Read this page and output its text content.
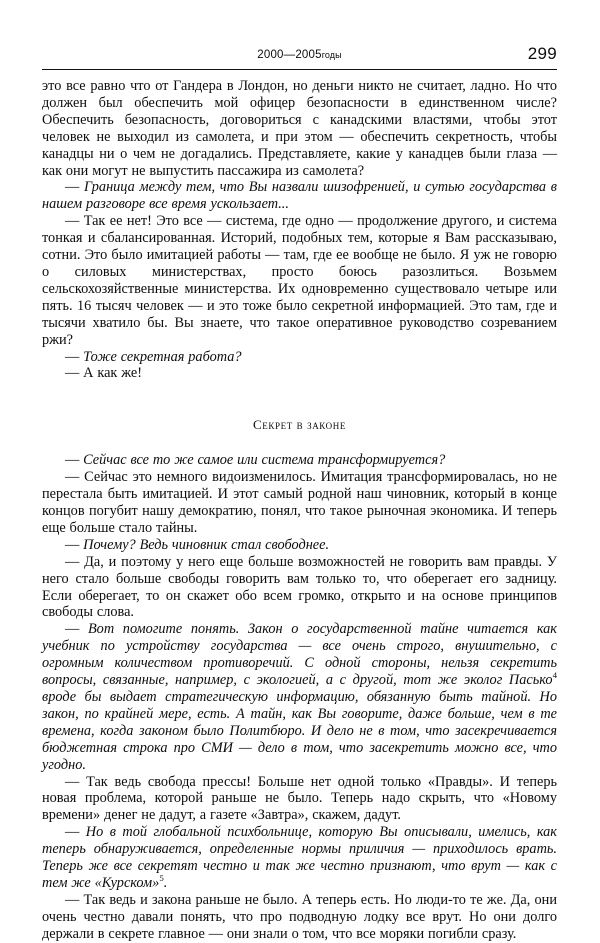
2000—2005годы	299

это все равно что от Гандера в Лондон, но деньги никто не считает, ладно. Но что должен был обеспечить мой офицер безопасности в единственном числе? Обеспечить безопасность, договориться с канадскими властями, чтобы этот человек не выходил из самолета, и при этом — обеспечить секретность, чтобы канадцы ни о чем не догадались. Представляете, какие у канадцев были глаза — как они могут не выпустить пассажира из самолета?

— Граница между тем, что Вы назвали шизофренией, и сутью государства в нашем разговоре все время ускользает...

— Так ее нет! Это все — система, где одно — продолжение другого, и система тонкая и сбалансированная. Историй, подобных тем, которые я Вам рассказываю, сотни. Это было имитацией работы — там, где ее вообще не было. Я уж не говорю о силовых министерствах, просто боюсь разозлиться. Возьмем сельскохозяйственные министерства. Их одновременно существовало четыре или пять. 16 тысяч человек — и это тоже было секретной информацией. Это там, где и тысячи хватило бы. Вы знаете, что такое оперативное руководство созреванием ржи?

— Тоже секретная работа?

— А как же!

Секрет в законе

— Сейчас все то же самое или система трансформируется?

— Сейчас это немного видоизменилось. Имитация трансформировалась, но не перестала быть имитацией. И этот самый родной наш чиновник, который в конце концов погубит нашу демократию, понял, что такое рыночная экономика. И теперь еще больше стало тайны.

— Почему? Ведь чиновник стал свободнее.

— Да, и поэтому у него еще больше возможностей не говорить вам правды. У него стало больше свободы говорить вам только то, что оберегает его задницу. Если оберегает, то он скажет обо всем громко, открыто и на основе принципов свободы слова.

— Вот помогите понять. Закон о государственной тайне читается как учебник по устройству государства — все очень строго, внушительно, с огромным количеством противоречий. С одной стороны, нельзя секретить вопросы, связанные, например, с экологией, а с другой, тот же эколог Пасько$^4$ вроде бы выдает стратегическую информацию, обязанную быть тайной. Но закон, по крайней мере, есть. А тайн, как Вы говорите, даже больше, чем в те времена, когда законом было Политбюро. И дело не в том, что засекречивается бюджетная строка про СМИ — дело в том, что засекретить можно все, что угодно.

— Так ведь свобода прессы! Больше нет одной только «Правды». И теперь новая проблема, которой раньше не было. Теперь надо скрыть, что «Новому времени» денег не дадут, а газете «Завтра», скажем, дадут.

— Но в той глобальной психбольнице, которую Вы описывали, имелись, как теперь обнаруживается, определенные нормы приличия — приходилось врать. Теперь же все секретят честно и так же честно признают, что врут — как с тем же «Курском»$^5$.

— Так ведь и закона раньше не было. А теперь есть. Но люди-то те же. Да, они очень честно давали понять, что про подводную лодку все врут. Но они долго держали в секрете главное — они знали о том, что все моряки погибли сразу.
